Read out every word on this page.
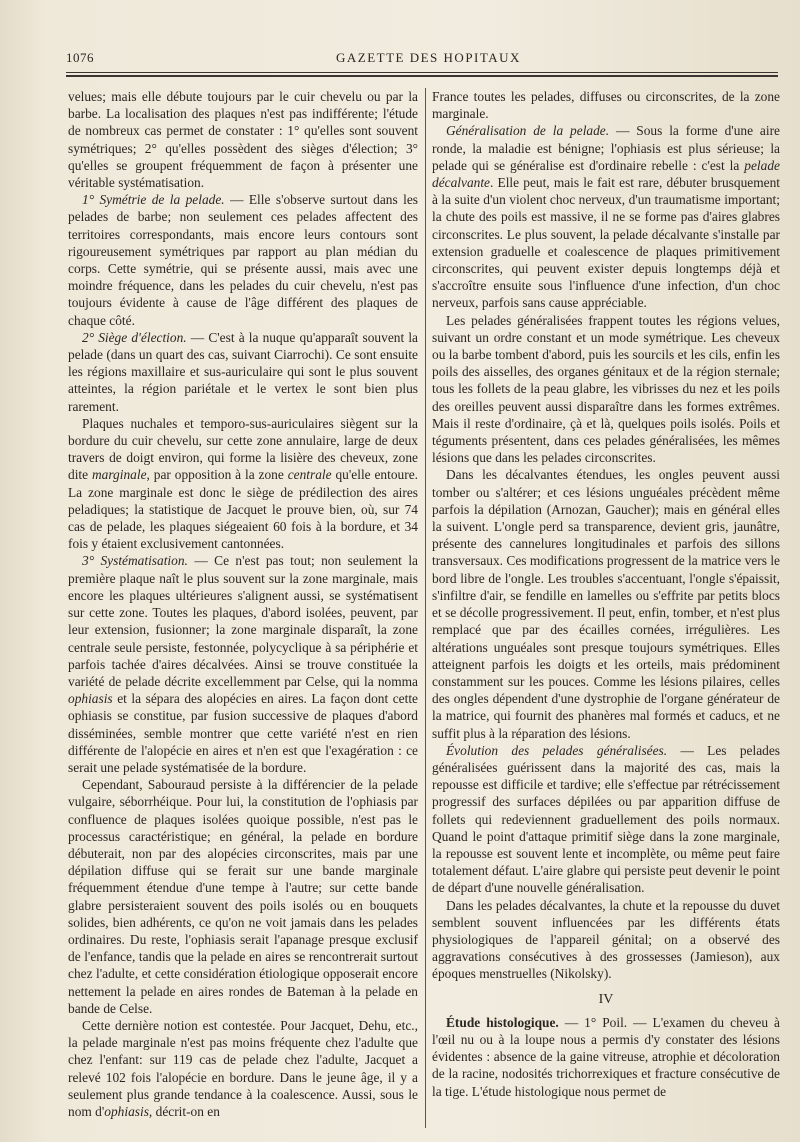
1076	GAZETTE DES HOPITAUX

velues; mais elle débute toujours par le cuir chevelu ou par la barbe. La localisation des plaques n'est pas indifférente; l'étude de nombreux cas permet de constater : 1° qu'elles sont souvent symétriques; 2° qu'elles possèdent des sièges d'élection; 3° qu'elles se groupent fréquemment de façon à présenter une véritable systématisation.

1° Symétrie de la pelade. — Elle s'observe surtout dans les pelades de barbe; non seulement ces pelades affectent des territoires correspondants, mais encore leurs contours sont rigoureusement symétriques par rapport au plan médian du corps. Cette symétrie, qui se présente aussi, mais avec une moindre fréquence, dans les pelades du cuir chevelu, n'est pas toujours évidente à cause de l'âge différent des plaques de chaque côté.

2° Siège d'élection. — C'est à la nuque qu'apparaît souvent la pelade (dans un quart des cas, suivant Ciarrochi). Ce sont ensuite les régions maxillaire et sus-auriculaire qui sont le plus souvent atteintes, la région pariétale et le vertex le sont bien plus rarement.

Plaques nuchales et temporo-sus-auriculaires siègent sur la bordure du cuir chevelu, sur cette zone annulaire, large de deux travers de doigt environ, qui forme la lisière des cheveux, zone dite marginale, par opposition à la zone centrale qu'elle entoure. La zone marginale est donc le siège de prédilection des aires peladiques; la statistique de Jacquet le prouve bien, où, sur 74 cas de pelade, les plaques siégeaient 60 fois à la bordure, et 34 fois y étaient exclusivement cantonnées.

3° Systématisation. — Ce n'est pas tout; non seulement la première plaque naît le plus souvent sur la zone marginale, mais encore les plaques ultérieures s'alignent aussi, se systématisent sur cette zone. Toutes les plaques, d'abord isolées, peuvent, par leur extension, fusionner; la zone marginale disparaît, la zone centrale seule persiste, festonnée, polycyclique à sa périphérie et parfois tachée d'aires décalvées. Ainsi se trouve constituée la variété de pelade décrite excellemment par Celse, qui la nomma ophiasis et la sépara des alopécies en aires. La façon dont cette ophiasis se constitue, par fusion successive de plaques d'abord disséminées, semble montrer que cette variété n'est en rien différente de l'alopécie en aires et n'en est que l'exagération : ce serait une pelade systématisée de la bordure.

Cependant, Sabouraud persiste à la différencier de la pelade vulgaire, séborrhéique. Pour lui, la constitution de l'ophiasis par confluence de plaques isolées quoique possible, n'est pas le processus caractéristique; en général, la pelade en bordure débuterait, non par des alopécies circonscrites, mais par une dépilation diffuse qui se ferait sur une bande marginale fréquemment étendue d'une tempe à l'autre; sur cette bande glabre persisteraient souvent des poils isolés ou en bouquets solides, bien adhérents, ce qu'on ne voit jamais dans les pelades ordinaires. Du reste, l'ophiasis serait l'apanage presque exclusif de l'enfance, tandis que la pelade en aires se rencontrerait surtout chez l'adulte, et cette considération étiologique opposerait encore nettement la pelade en aires rondes de Bateman à la pelade en bande de Celse.

Cette dernière notion est contestée. Pour Jacquet, Dehu, etc., la pelade marginale n'est pas moins fréquente chez l'adulte que chez l'enfant: sur 119 cas de pelade chez l'adulte, Jacquet a relevé 102 fois l'alopécie en bordure. Dans le jeune âge, il y a seulement plus grande tendance à la coalescence. Aussi, sous le nom d'ophiasis, décrit-on en

France toutes les pelades, diffuses ou circonscrites, de la zone marginale.

Généralisation de la pelade. — Sous la forme d'une aire ronde, la maladie est bénigne; l'ophiasis est plus sérieuse; la pelade qui se généralise est d'ordinaire rebelle : c'est la pelade décalvante. Elle peut, mais le fait est rare, débuter brusquement à la suite d'un violent choc nerveux, d'un traumatisme important; la chute des poils est massive, il ne se forme pas d'aires glabres circonscrites. Le plus souvent, la pelade décalvante s'installe par extension graduelle et coalescence de plaques primitivement circonscrites, qui peuvent exister depuis longtemps déjà et s'accroître ensuite sous l'influence d'une infection, d'un choc nerveux, parfois sans cause appréciable.

Les pelades généralisées frappent toutes les régions velues, suivant un ordre constant et un mode symétrique. Les cheveux ou la barbe tombent d'abord, puis les sourcils et les cils, enfin les poils des aisselles, des organes génitaux et de la région sternale; tous les follets de la peau glabre, les vibrisses du nez et les poils des oreilles peuvent aussi disparaître dans les formes extrêmes. Mais il reste d'ordinaire, çà et là, quelques poils isolés. Poils et téguments présentent, dans ces pelades généralisées, les mêmes lésions que dans les pelades circonscrites.

Dans les décalvantes étendues, les ongles peuvent aussi tomber ou s'altérer; et ces lésions unguéales précèdent même parfois la dépilation (Arnozan, Gaucher); mais en général elles la suivent. L'ongle perd sa transparence, devient gris, jaunâtre, présente des cannelures longitudinales et parfois des sillons transversaux. Ces modifications progressent de la matrice vers le bord libre de l'ongle. Les troubles s'accentuant, l'ongle s'épaissit, s'infiltre d'air, se fendille en lamelles ou s'effrite par petits blocs et se décolle progressivement. Il peut, enfin, tomber, et n'est plus remplacé que par des écailles cornées, irrégulières. Les altérations unguéales sont presque toujours symétriques. Elles atteignent parfois les doigts et les orteils, mais prédominent constamment sur les pouces. Comme les lésions pilaires, celles des ongles dépendent d'une dystrophie de l'organe générateur de la matrice, qui fournit des phanères mal formés et caducs, et ne suffit plus à la réparation des lésions.

Évolution des pelades généralisées. — Les pelades généralisées guérissent dans la majorité des cas, mais la repousse est difficile et tardive; elle s'effectue par rétrécissement progressif des surfaces dépilées ou par apparition diffuse de follets qui redeviennent graduellement des poils normaux. Quand le point d'attaque primitif siège dans la zone marginale, la repousse est souvent lente et incomplète, ou même peut faire totalement défaut. L'aire glabre qui persiste peut devenir le point de départ d'une nouvelle généralisation.

Dans les pelades décalvantes, la chute et la repousse du duvet semblent souvent influencées par les différents états physiologiques de l'appareil génital; on a observé des aggravations consécutives à des grossesses (Jamieson), aux époques menstruelles (Nikolsky).

IV

Étude histologique. — 1° Poil. — L'examen du cheveu à l'œil nu ou à la loupe nous a permis d'y constater des lésions évidentes : absence de la gaine vitreuse, atrophie et décoloration de la racine, nodosités trichorrexiques et fracture consécutive de la tige. L'étude histologique nous permet de
